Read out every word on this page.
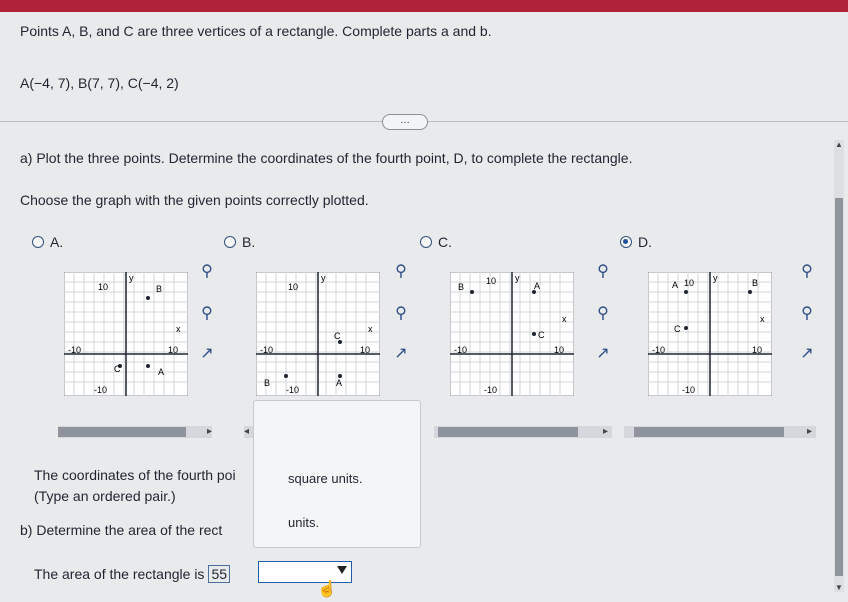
Points A, B, and C are three vertices of a rectangle. Complete parts a and b.
A(−4, 7), B(7, 7), C(−4, 2)
…
a) Plot the three points. Determine the coordinates of the fourth point, D, to complete the rectangle.
Choose the graph with the given points correctly plotted.
A.	B.	C.	D.
y
x
10
10
-10
-10
B
C	A
y
x
10
10
-10
-10
C
B	A
y
x
10
10
-10
-10
B	A
C
y
x
10
10
-10
-10
A	B
C
⚲
⚲
↗
⚲
⚲
↗
⚲
⚲
↗
⚲
⚲
↗
▸	◂	▸	▸
The coordinates of the fourth poi
(Type an ordered pair.)
b) Determine the area of the rect
square units.
units.
The area of the rectangle is 55
☝
▲
▼
